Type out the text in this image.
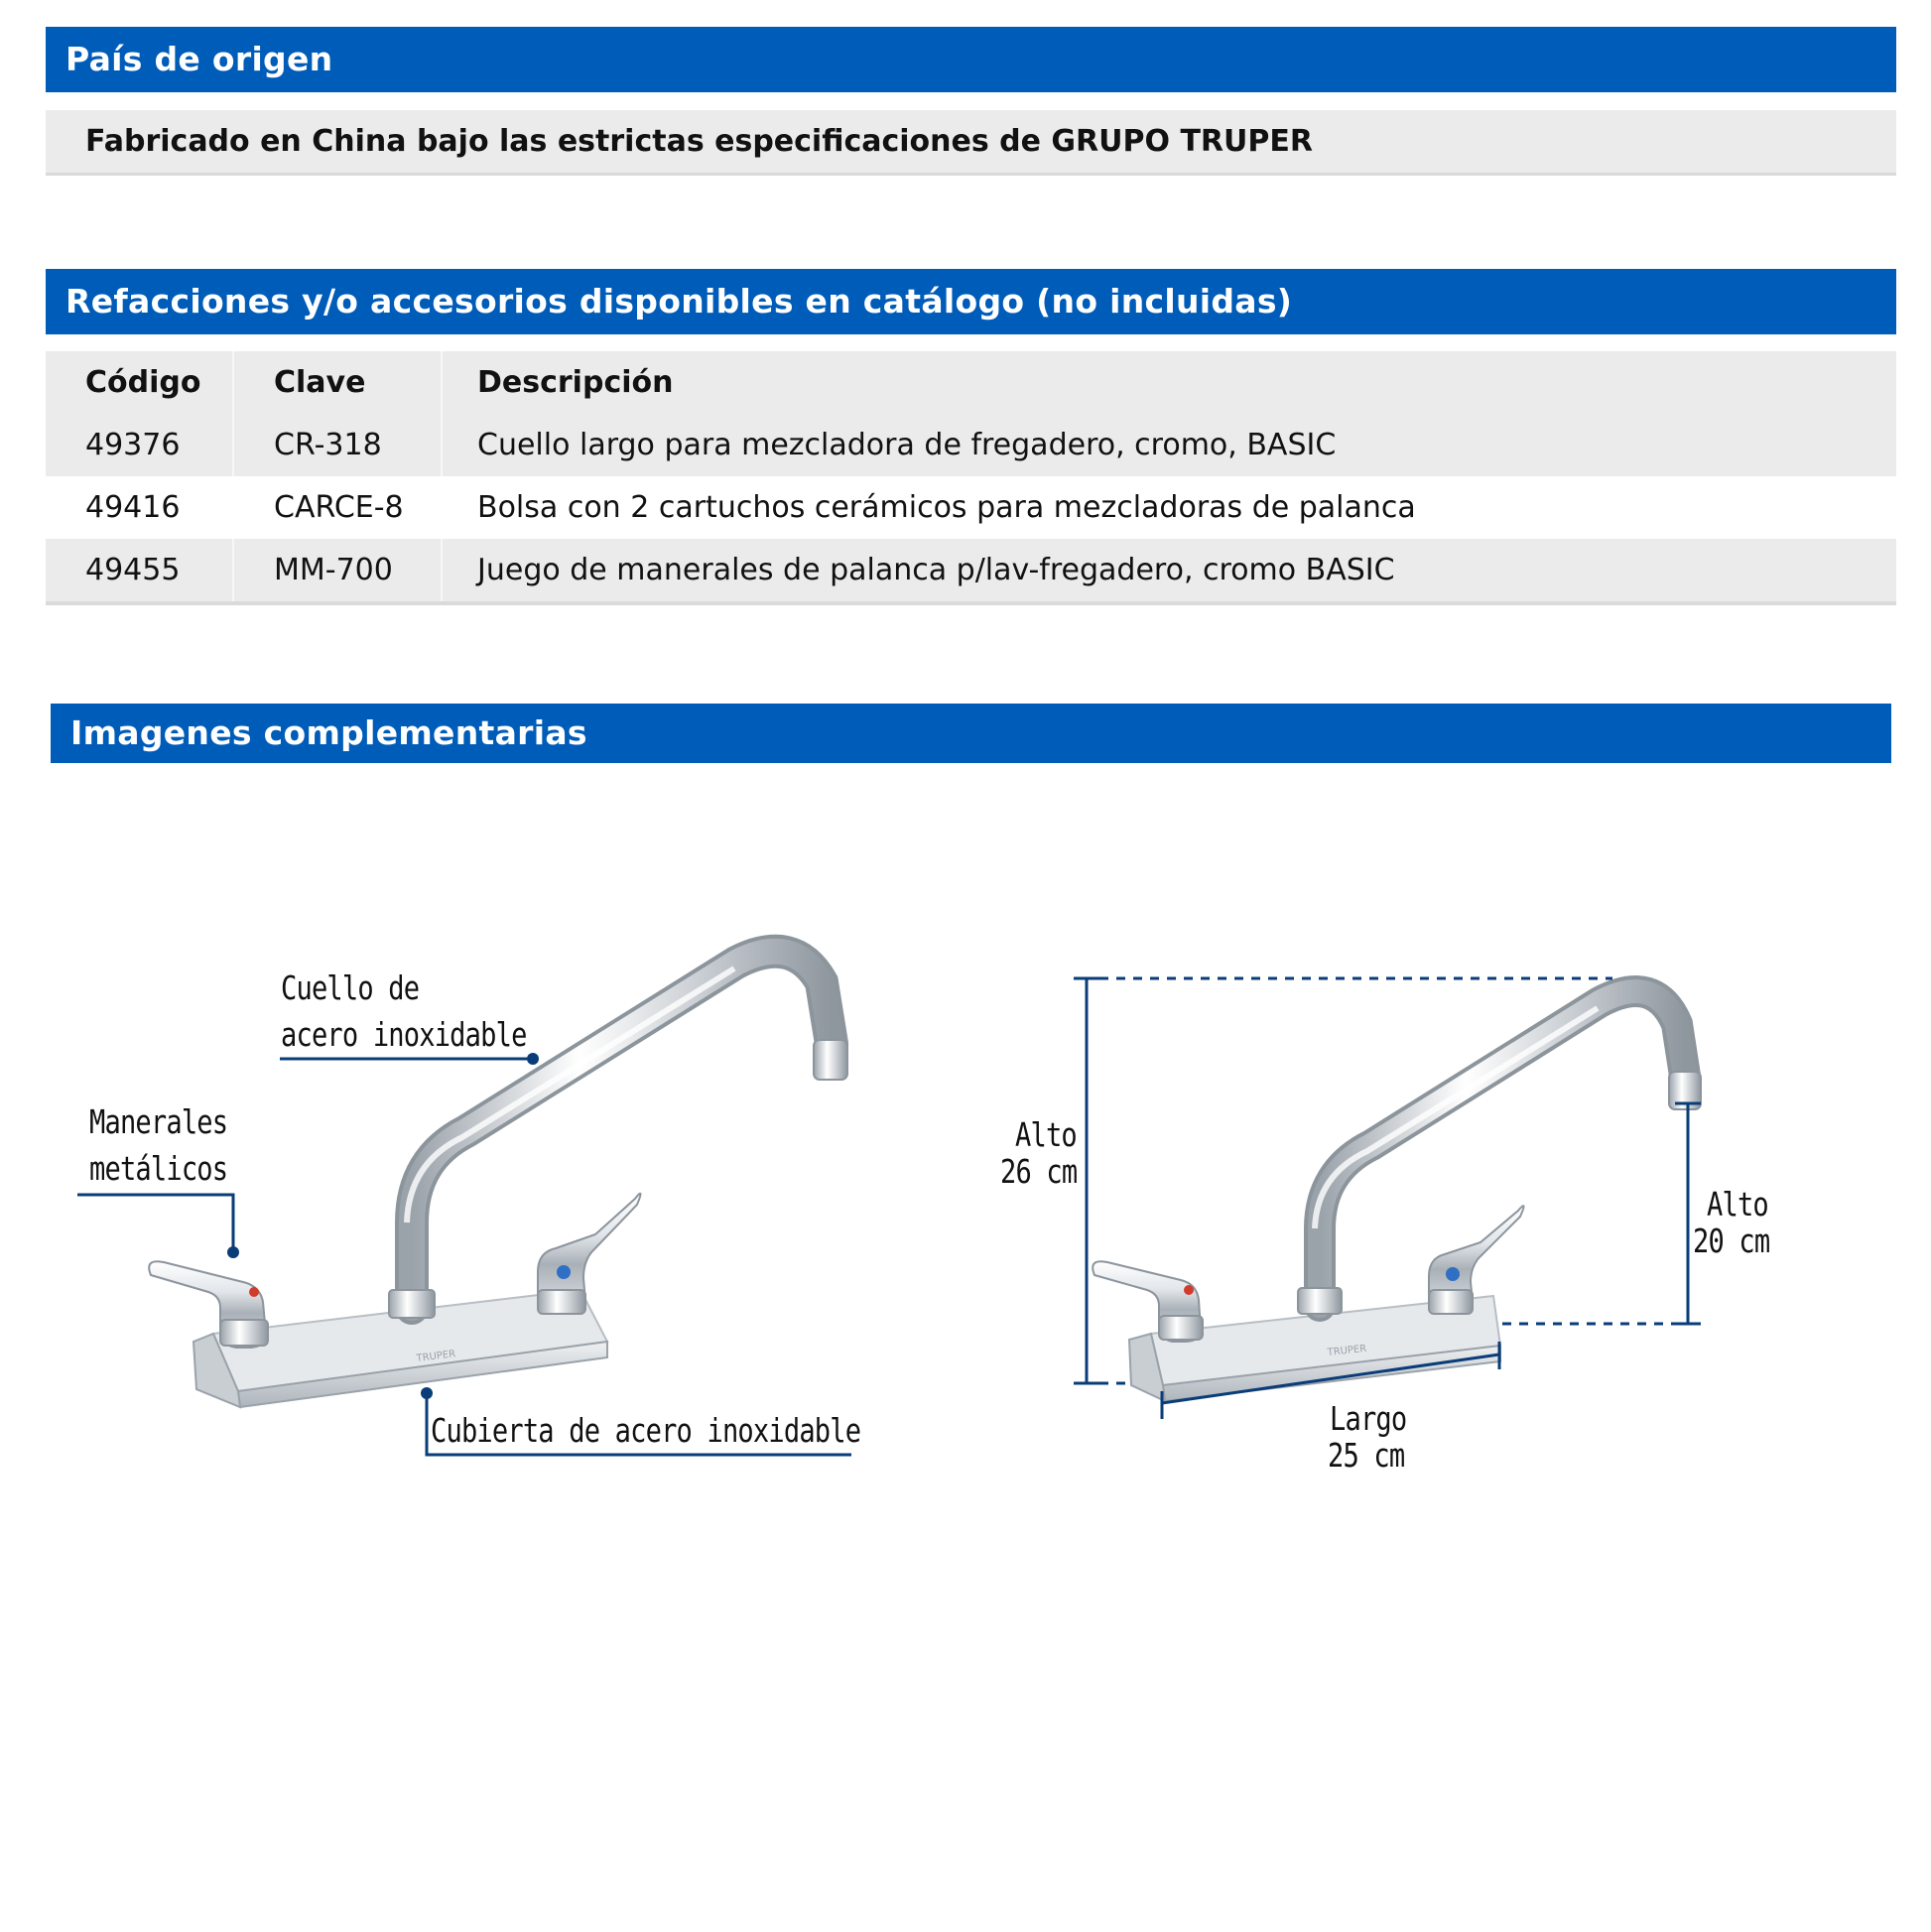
País de origen
Fabricado en China bajo las estrictas especificaciones de GRUPO TRUPER
Refacciones y/o accesorios disponibles en catálogo (no incluidas)
Código Clave	Descripción
49376	CR-318	Cuello largo para mezcladora de fregadero, cromo, BASIC
49416	CARCE-8 Bolsa con 2 cartuchos cerámicos para mezcladoras de palanca
49455	MM-700	Juego de manerales de palanca p/lav-fregadero, cromo BASIC
Imagenes complementarias
TRUPER	TRUPER
Cuello de
acero inoxidable
Manerales
metálicos
Cubierta de acero inoxidable
Alto
26 cm
Alto
20 cm
Largo
25 cm
